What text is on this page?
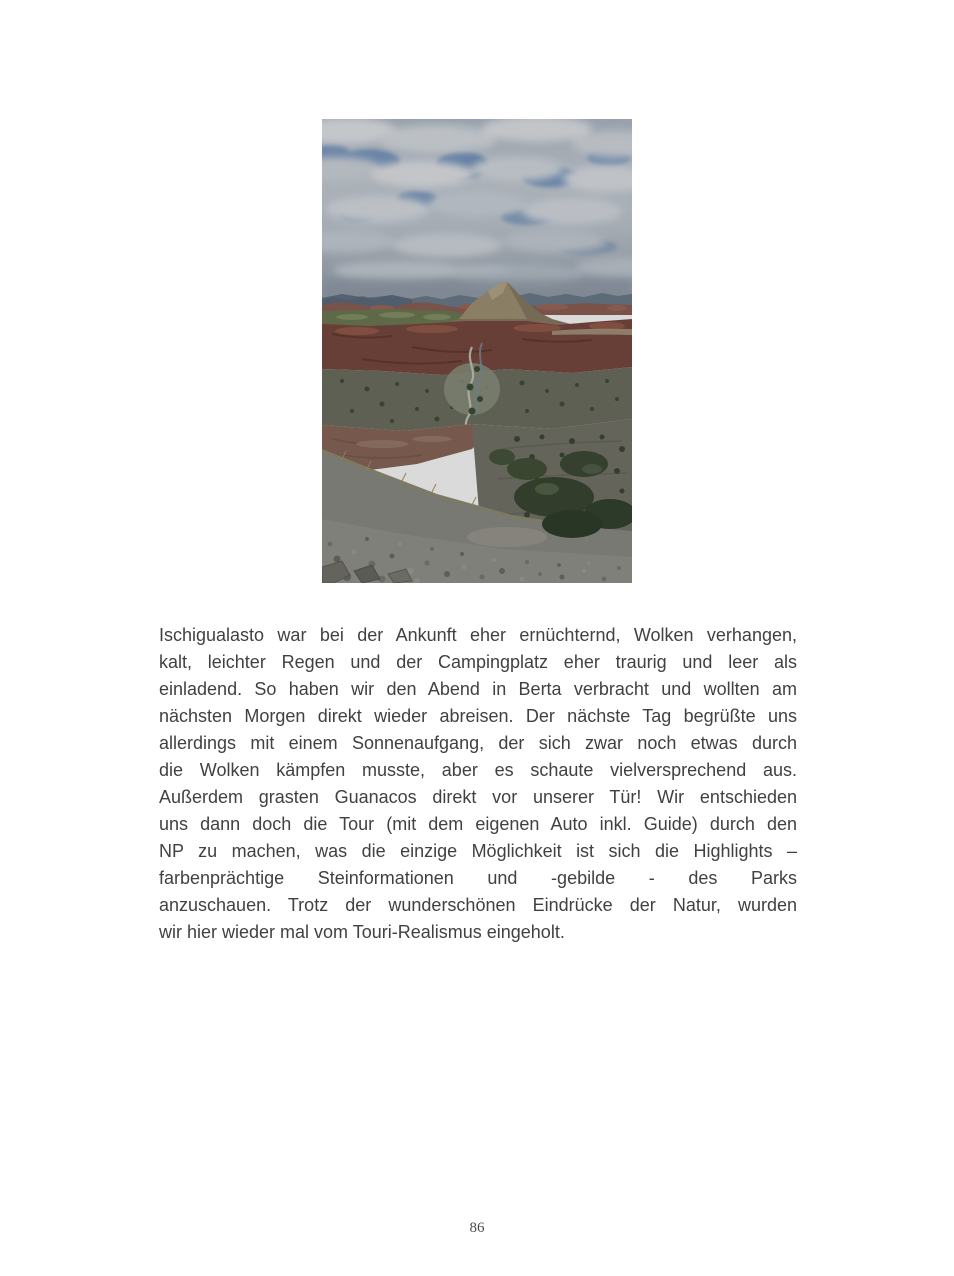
Ischigualasto war bei der Ankunft eher ernüchternd, Wolken verhangen,
kalt, leichter Regen und der Campingplatz eher traurig und leer als
einladend. So haben wir den Abend in Berta verbracht und wollten am
nächsten Morgen direkt wieder abreisen. Der nächste Tag begrüßte uns
allerdings mit einem Sonnenaufgang, der sich zwar noch etwas durch
die Wolken kämpfen musste, aber es schaute vielversprechend aus.
Außerdem grasten Guanacos direkt vor unserer Tür! Wir entschieden
uns dann doch die Tour (mit dem eigenen Auto inkl. Guide) durch den
NP zu machen, was die einzige Möglichkeit ist sich die Highlights –
farbenprächtige Steinformationen und -gebilde - des Parks
anzuschauen. Trotz der wunderschönen Eindrücke der Natur, wurden
wir hier wieder mal vom Touri-Realismus eingeholt.
86
